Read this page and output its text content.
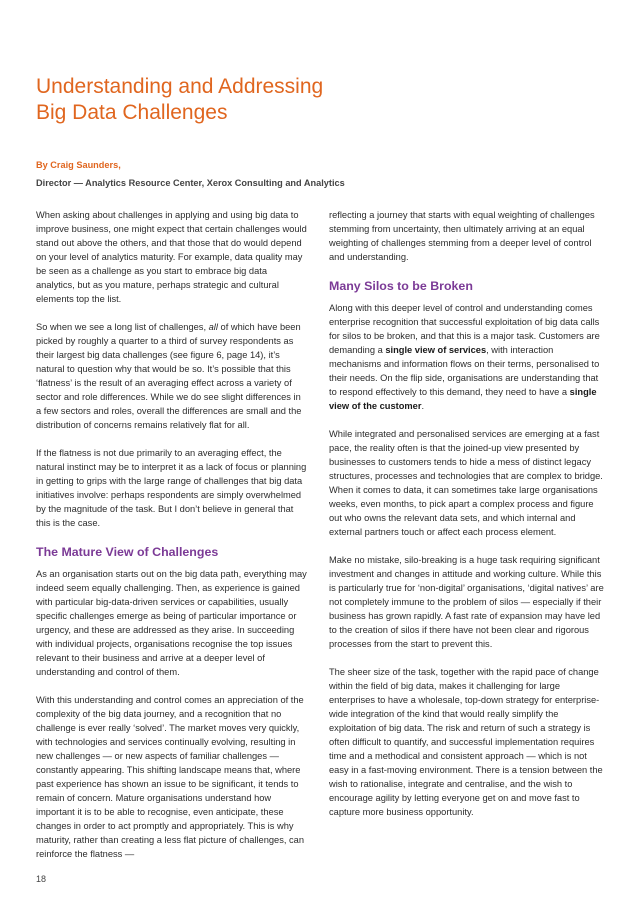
Understanding and Addressing
Big Data Challenges
By Craig Saunders,
Director — Analytics Resource Center, Xerox Consulting and Analytics

When asking about challenges in applying and using big data to improve business, one might expect that certain challenges would stand out above the others, and that those that do would depend on your level of analytics maturity. For example, data quality may be seen as a challenge as you start to embrace big data analytics, but as you mature, perhaps strategic and cultural elements top the list.

So when we see a long list of challenges, all of which have been picked by roughly a quarter to a third of survey respondents as their largest big data challenges (see figure 6, page 14), it’s natural to question why that would be so. It’s possible that this ‘flatness’ is the result of an averaging effect across a variety of sector and role differences. While we do see slight differences in a few sectors and roles, overall the differences are small and the distribution of concerns remains relatively flat for all.

If the flatness is not due primarily to an averaging effect, the natural instinct may be to interpret it as a lack of focus or planning in getting to grips with the large range of challenges that big data initiatives involve: perhaps respondents are simply overwhelmed by the magnitude of the task. But I don’t believe in general that this is the case.

The Mature View of Challenges

As an organisation starts out on the big data path, everything may indeed seem equally challenging. Then, as experience is gained with particular big-data-driven services or capabilities, usually specific challenges emerge as being of particular importance or urgency, and these are addressed as they arise. In succeeding with individual projects, organisations recognise the top issues relevant to their business and arrive at a deeper level of understanding and control of them.

With this understanding and control comes an appreciation of the complexity of the big data journey, and a recognition that no challenge is ever really ‘solved’. The market moves very quickly, with technologies and services continually evolving, resulting in new challenges — or new aspects of familiar challenges — constantly appearing. This shifting landscape means that, where past experience has shown an issue to be significant, it tends to remain of concern. Mature organisations understand how important it is to be able to recognise, even anticipate, these changes in order to act promptly and appropriately. This is why maturity, rather than creating a less flat picture of challenges, can reinforce the flatness —

reflecting a journey that starts with equal weighting of challenges stemming from uncertainty, then ultimately arriving at an equal weighting of challenges stemming from a deeper level of control and understanding.

Many Silos to be Broken

Along with this deeper level of control and understanding comes enterprise recognition that successful exploitation of big data calls for silos to be broken, and that this is a major task. Customers are demanding a single view of services, with interaction mechanisms and information flows on their terms, personalised to their needs. On the flip side, organisations are understanding that to respond effectively to this demand, they need to have a single view of the customer.

While integrated and personalised services are emerging at a fast pace, the reality often is that the joined-up view presented by businesses to customers tends to hide a mess of distinct legacy structures, processes and technologies that are complex to bridge. When it comes to data, it can sometimes take large organisations weeks, even months, to pick apart a complex process and figure out who owns the relevant data sets, and which internal and external partners touch or affect each process element.

Make no mistake, silo-breaking is a huge task requiring significant investment and changes in attitude and working culture. While this is particularly true for ‘non-digital’ organisations, ‘digital natives’ are not completely immune to the problem of silos — especially if their business has grown rapidly. A fast rate of expansion may have led to the creation of silos if there have not been clear and rigorous processes from the start to prevent this.

The sheer size of the task, together with the rapid pace of change within the field of big data, makes it challenging for large enterprises to have a wholesale, top-down strategy for enterprise-wide integration of the kind that would really simplify the exploitation of big data. The risk and return of such a strategy is often difficult to quantify, and successful implementation requires time and a methodical and consistent approach — which is not easy in a fast-moving environment. There is a tension between the wish to rationalise, integrate and centralise, and the wish to encourage agility by letting everyone get on and move fast to capture more business opportunity.

18
